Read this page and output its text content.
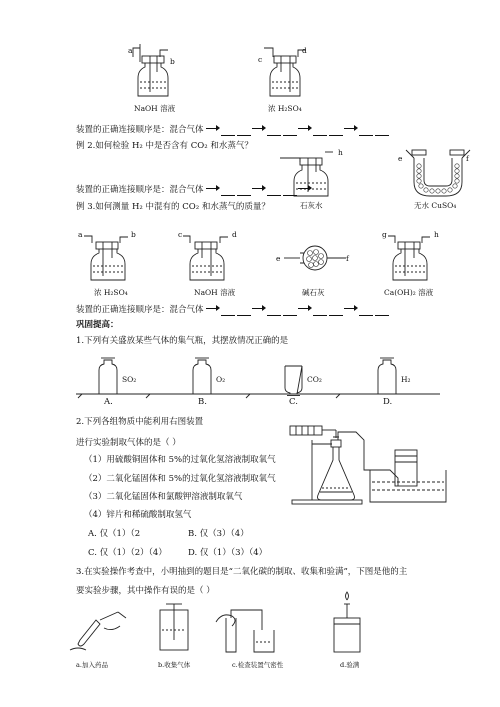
a
b	c
d
NaOH 溶液	浓 H₂SO₄
装置的正确连接顺序是：混合气体
例 2.如何检验 H₂ 中是否含有 CO₂ 和水蒸气？
h
e	f
装置的正确连接顺序是：混合气体
石灰水	无水 CuSO₄
例 3.如何测量 H₂ 中混有的 CO₂ 和水蒸气的质量？
a	b	c	d
e	f
g	h
浓 H₂SO₄	NaOH 溶液	碱石灰	Ca(OH)₂ 溶液
装置的正确连接顺序是：混合气体
巩固提高：
1.下列有关盛放某些气体的集气瓶，其摆放情况正确的是
SO₂	O₂	CO₂	H₂
A.	B.	C.	D.
2.下列各组物质中能利用右图装置
进行实验制取气体的是（ ）
（1）用硫酸铜固体和 5%的过氧化氢溶液制取氧气
（2）二氧化锰固体和 5%的过氧化氢溶液制取氧气
（3）二氧化锰固体和氯酸钾溶液制取氧气
（4）锌片和稀硫酸制取氢气
A. 仅（1）（2	B. 仅（3）（4）
C. 仅（1）（2）（4） D. 仅（1）（3）（4）
3.在实验操作考查中，小明抽到的题目是“二氧化碳的制取、收集和验满”，下图是他的主
要实验步骤，其中操作有误的是（ ）
a.加入药品	b.收集气体	c.检查装置气密性	d.验满
